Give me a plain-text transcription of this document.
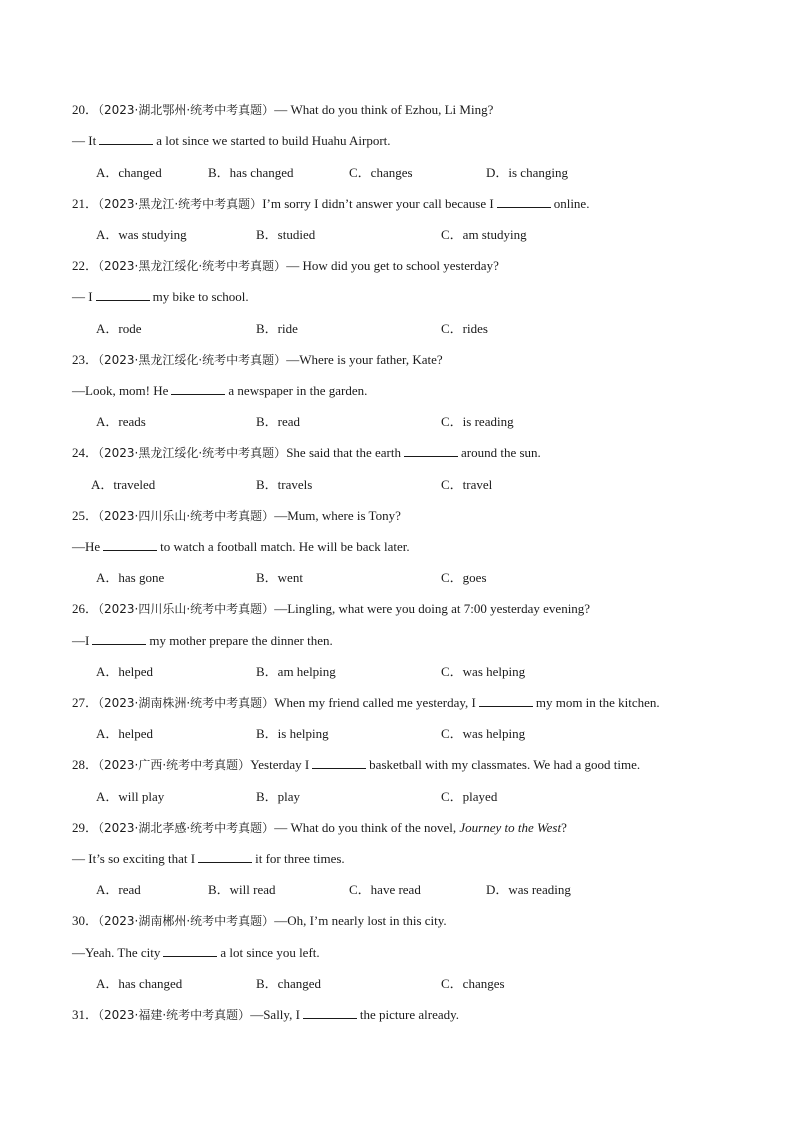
20．（2023·湖北鄂州·统考中考真题）— What do you think of Ezhou, Li Ming?
— It	a lot since we started to build Huahu Airport.
A．changed	B．has changed	C．changes	D．is changing
21．（2023·黑龙江·统考中考真题）I’m sorry I didn’t answer your call because I	online.
A．was studying	B．studied	C．am studying
22．（2023·黑龙江绥化·统考中考真题）— How did you get to school yesterday?
— I	my bike to school.
A．rode	B．ride	C．rides
23．（2023·黑龙江绥化·统考中考真题）—Where is your father, Kate?
—Look, mom! He	a newspaper in the garden.
A．reads	B．read	C．is reading
24．（2023·黑龙江绥化·统考中考真题）She said that the earth	around the sun.
A．traveled	B．travels	C．travel
25．（2023·四川乐山·统考中考真题）—Mum, where is Tony?
—He	to watch a football match. He will be back later.
A．has gone	B．went	C．goes
26．（2023·四川乐山·统考中考真题）—Lingling, what were you doing at 7:00 yesterday evening?
—I	my mother prepare the dinner then.
A．helped	B．am helping	C．was helping
27．（2023·湖南株洲·统考中考真题）When my friend called me yesterday, I	my mom in the kitchen.
A．helped	B．is helping	C．was helping
28．（2023·广西·统考中考真题）Yesterday I	basketball with my classmates. We had a good time.
A．will play	B．play	C．played
29．（2023·湖北孝感·统考中考真题）— What do you think of the novel, Journey to the West?
— It’s so exciting that I	it for three times.
A．read	B．will read	C．have read	D．was reading
30．（2023·湖南郴州·统考中考真题）—Oh, I’m nearly lost in this city.
—Yeah. The city	a lot since you left.
A．has changed	B．changed	C．changes
31．（2023·福建·统考中考真题）—Sally, I	the picture already.
